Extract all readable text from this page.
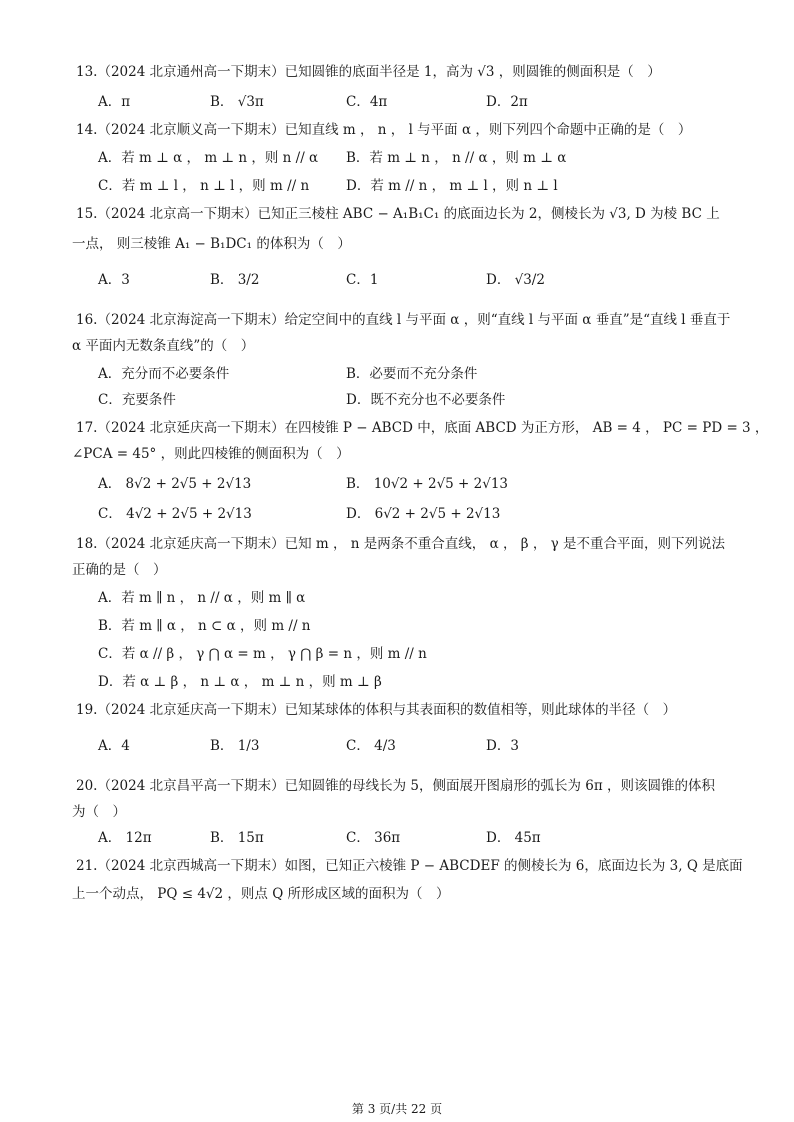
13.（2024 北京通州高一下期末）已知圆锥的底面半径是 1，高为 √3 ，则圆锥的侧面积是（　）
A．π	B． √3π	C．4π	D．2π
14.（2024 北京顺义高一下期末）已知直线 m ， n ， l 与平面 α ，则下列四个命题中正确的是（　）
A．若 m ⊥ α ， m ⊥ n ，则 n // α B．若 m ⊥ n ， n // α ，则 m ⊥ α
C．若 m ⊥ l ， n ⊥ l ，则 m // n	D．若 m // n ， m ⊥ l ，则 n ⊥ l
15.（2024 北京高一下期末）已知正三棱柱 ABC − A₁B₁C₁ 的底面边长为 2，侧棱长为 √3, D 为棱 BC 上
一点， 则三棱锥 A₁ − B₁DC₁ 的体积为（　）
A．3	B． 3/2	C．1	D． √3/2
16.（2024 北京海淀高一下期末）给定空间中的直线 l 与平面 α ，则“直线 l 与平面 α 垂直”是“直线 l 垂直于
α 平面内无数条直线”的（　）
A．充分而不必要条件	B．必要而不充分条件
C．充要条件	D．既不充分也不必要条件
17.（2024 北京延庆高一下期末）在四棱锥 P − ABCD 中，底面 ABCD 为正方形， AB = 4 ， PC = PD = 3 ，
∠PCA = 45° ，则此四棱锥的侧面积为（　）
A． 8√2 + 2√5 + 2√13	B． 10√2 + 2√5 + 2√13
C． 4√2 + 2√5 + 2√13	D． 6√2 + 2√5 + 2√13
18.（2024 北京延庆高一下期末）已知 m ， n 是两条不重合直线， α ， β ， γ 是不重合平面，则下列说法
正确的是（　）
A．若 m ∥ n ， n // α ，则 m ∥ α
B．若 m ∥ α ， n ⊂ α ，则 m // n
C．若 α // β ， γ ⋂ α = m ， γ ⋂ β = n ，则 m // n
D．若 α ⊥ β ， n ⊥ α ， m ⊥ n ，则 m ⊥ β
19.（2024 北京延庆高一下期末）已知某球体的体积与其表面积的数值相等，则此球体的半径（　）
A．4	B． 1/3	C． 4/3	D．3
20.（2024 北京昌平高一下期末）已知圆锥的母线长为 5，侧面展开图扇形的弧长为 6π ，则该圆锥的体积
为（　）
A． 12π	B． 15π	C． 36π	D． 45π
21.（2024 北京西城高一下期末）如图，已知正六棱锥 P − ABCDEF 的侧棱长为 6，底面边长为 3, Q 是底面
上一个动点， PQ ≤ 4√2 ，则点 Q 所形成区域的面积为（　）
第 3 页/共 22 页
